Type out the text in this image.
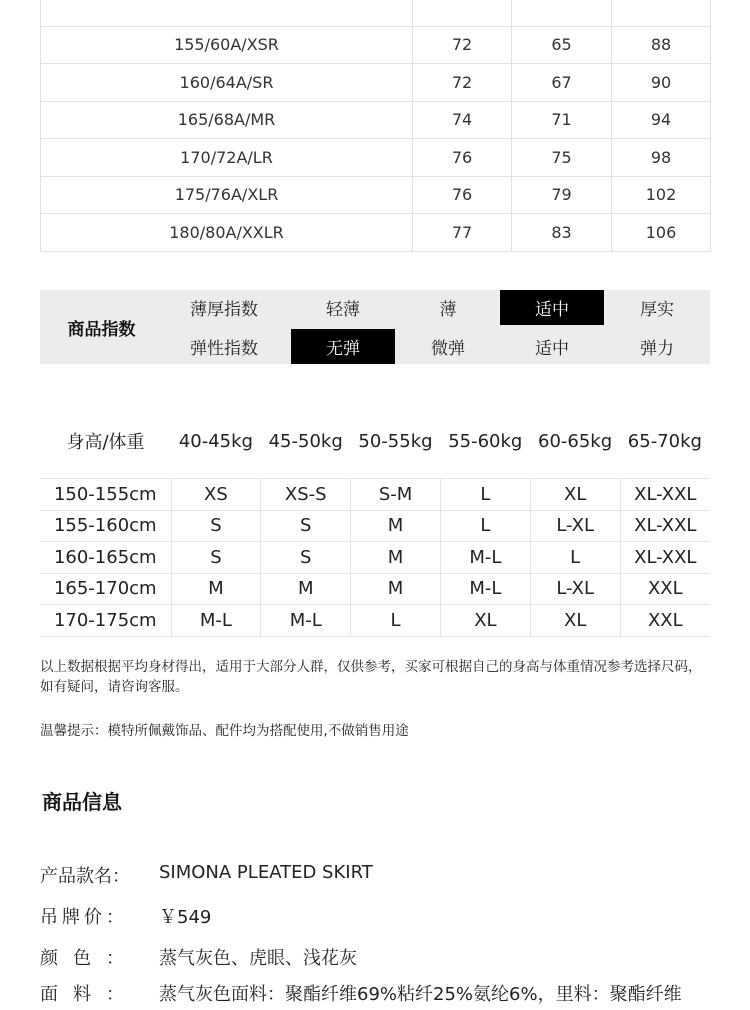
155/60A/XSR	72	65	88
160/64A/SR	72	67	90
165/68A/MR	74	71	94
170/72A/LR	76	75	98
175/76A/XLR	76	79	102
180/80A/XXLR	77	83	106
商品指数
薄厚指数	轻薄	薄	适中	厚实
弹性指数	无弹	微弹	适中	弹力
身高/体重	40-45kg 45-50kg 50-55kg 55-60kg 60-65kg 65-70kg
150-155cm	XS	XS-S	S-M	L	XL	XL-XXL
155-160cm	S	S	M	L	L-XL	XL-XXL
160-165cm	S	S	M	M-L	L	XL-XXL
165-170cm	M	M	M	M-L	L-XL	XXL
170-175cm	M-L	M-L	L	XL	XL	XXL
以上数据根据平均身材得出，适用于大部分人群，仅供参考，买家可根据自己的身高与体重情况参考选择尺码，如有疑问，请咨询客服。
温馨提示：模特所佩戴饰品、配件均为搭配使用,不做销售用途
商品信息
产 品 款 名 ： SIMONA PLEATED SKIRT
吊 牌 价 ： ￥549
颜 色 ： 蒸气灰色、虎眼、浅花灰
面 料 ： 蒸气灰色面料：聚酯纤维69%粘纤25%氨纶6%，里料：聚酯纤维
